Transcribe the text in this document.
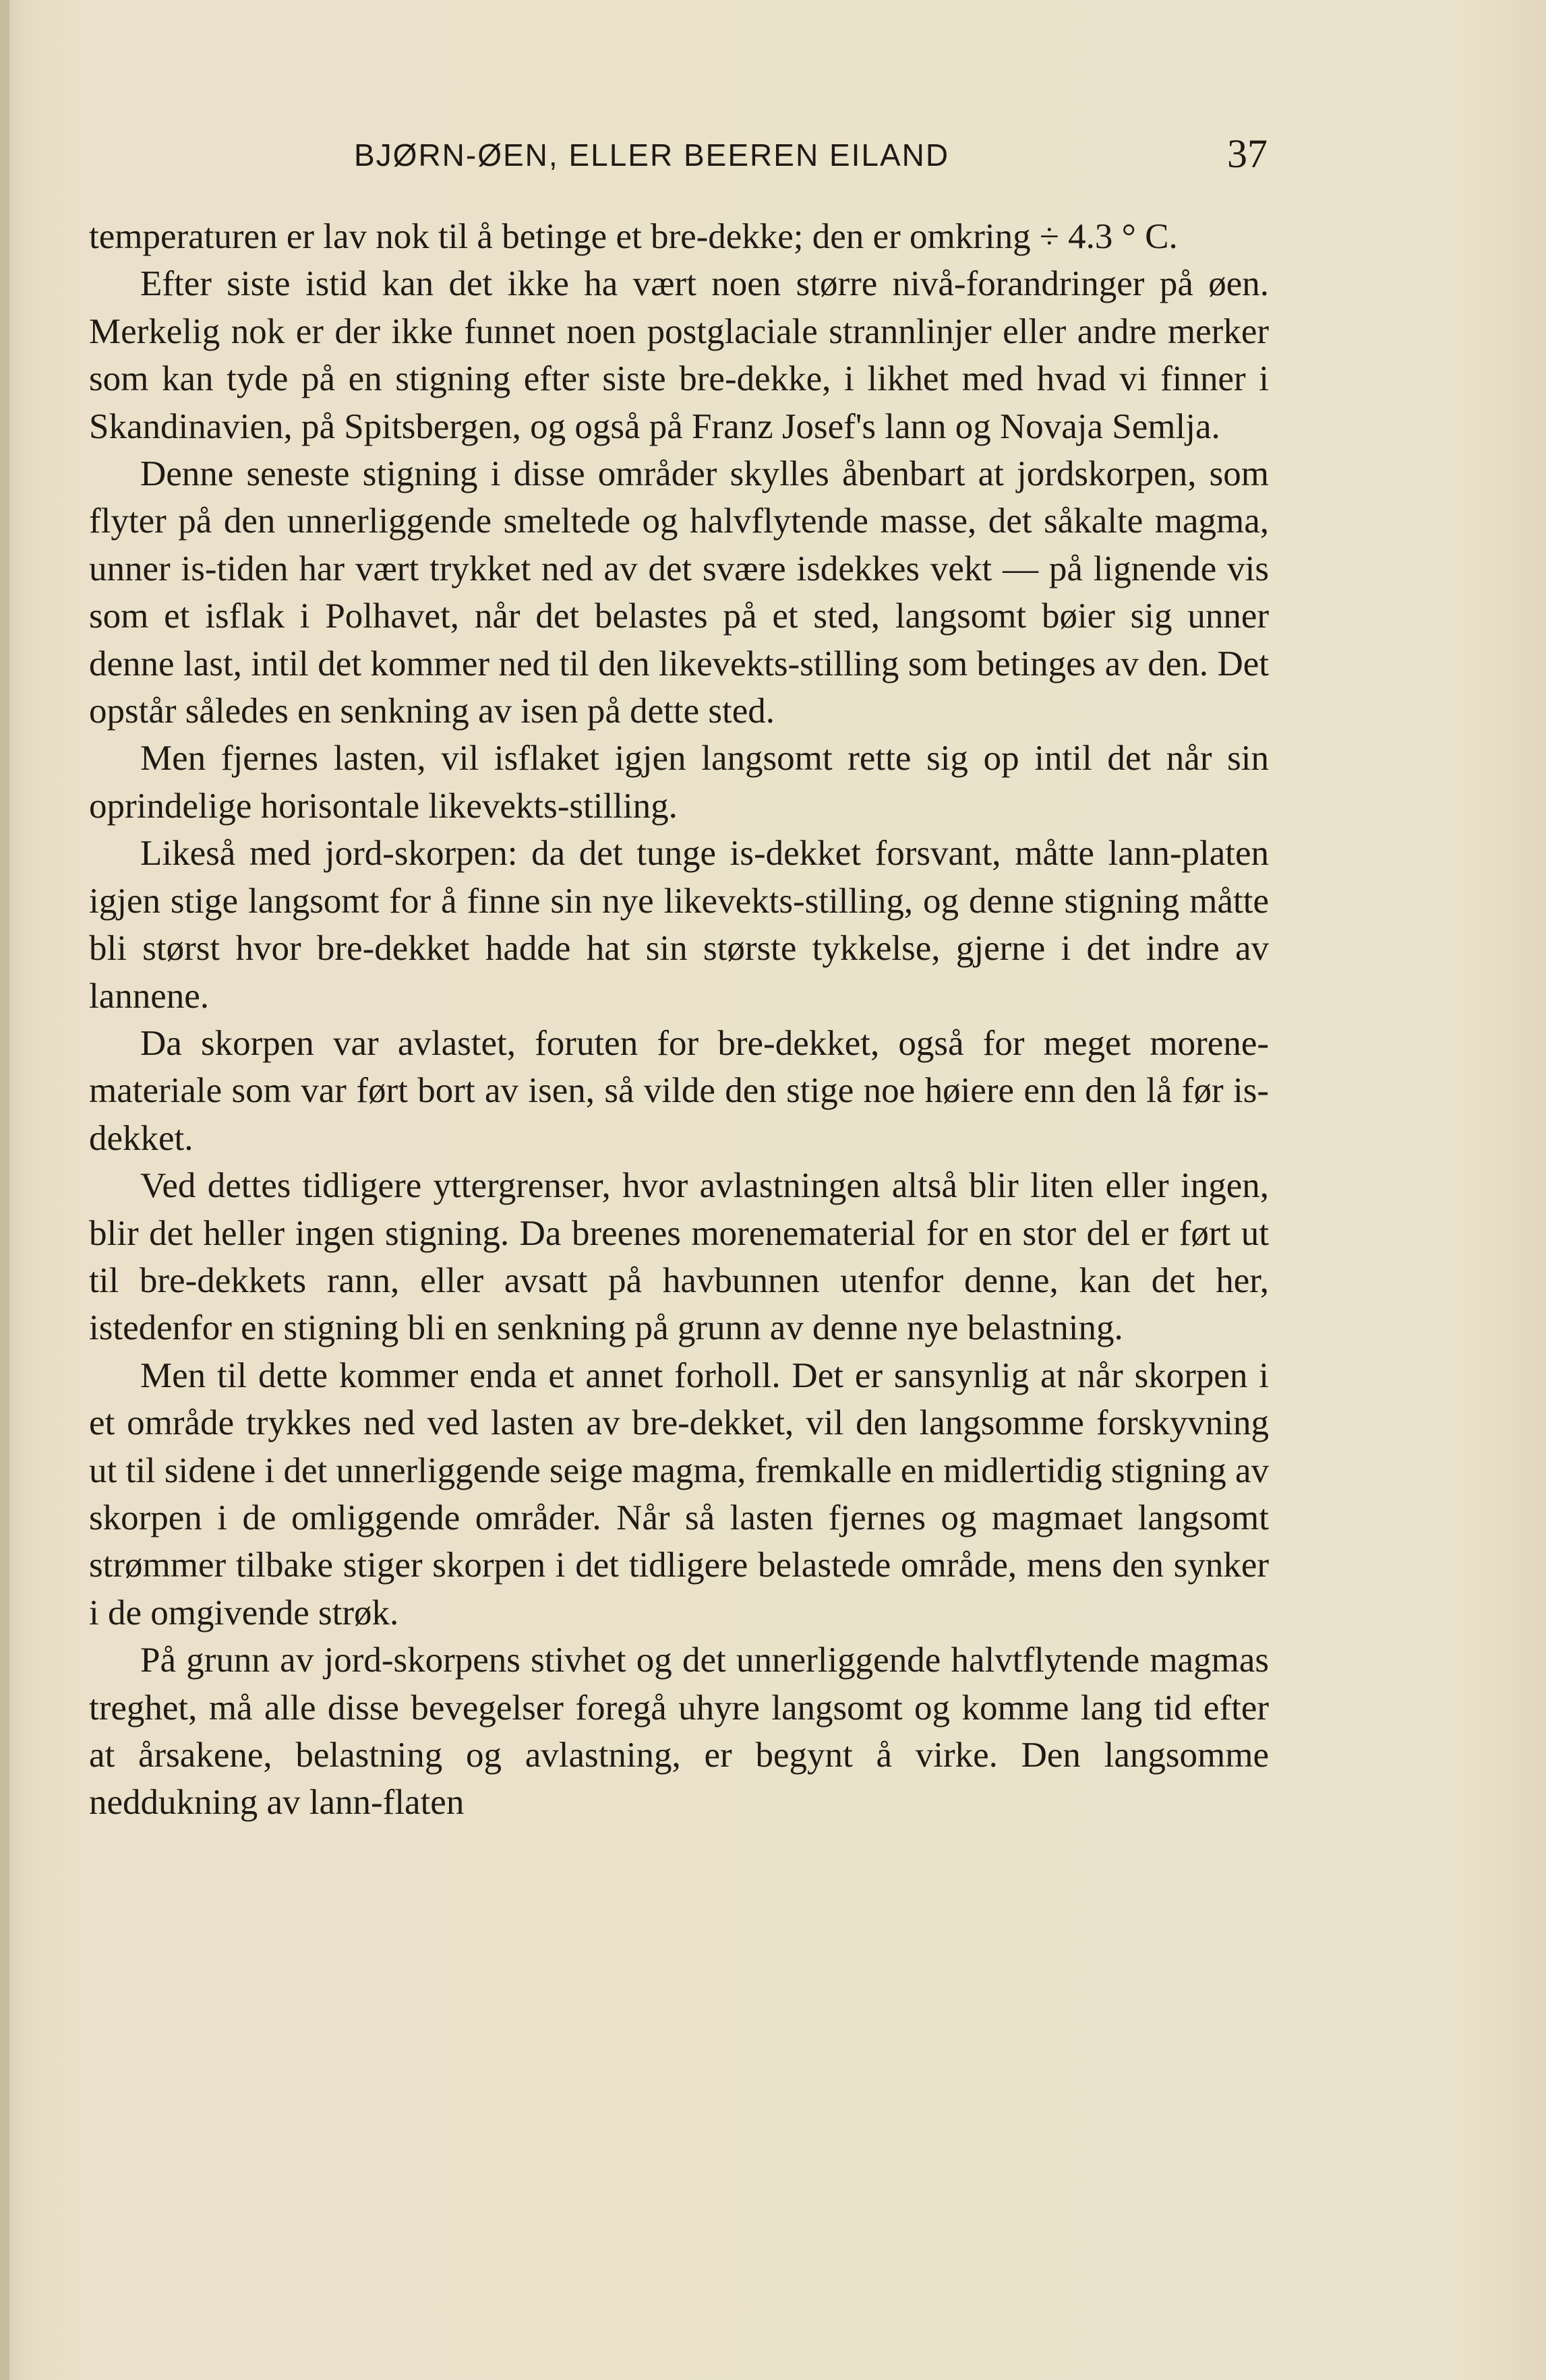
BJØRN-ØEN, ELLER BEEREN EILAND	37

temperaturen er lav nok til å betinge et bre-dekke; den er omkring ÷ 4.3 ° C.

Efter siste istid kan det ikke ha vært noen større nivå-forandringer på øen. Merkelig nok er der ikke funnet noen postglaciale strannlinjer eller andre merker som kan tyde på en stigning efter siste bre-dekke, i likhet med hvad vi finner i Skandinavien, på Spitsbergen, og også på Franz Josef's lann og Novaja Semlja.

Denne seneste stigning i disse områder skylles åbenbart at jordskorpen, som flyter på den unnerliggende smeltede og halvflytende masse, det såkalte magma, unner is-tiden har vært trykket ned av det svære isdekkes vekt — på lignende vis som et isflak i Polhavet, når det belastes på et sted, langsomt bøier sig unner denne last, intil det kommer ned til den likevekts-stilling som betinges av den. Det opstår således en senkning av isen på dette sted.

Men fjernes lasten, vil isflaket igjen langsomt rette sig op intil det når sin oprindelige horisontale likevekts-stilling.

Likeså med jord-skorpen: da det tunge is-dekket forsvant, måtte lann-platen igjen stige langsomt for å finne sin nye likevekts-stilling, og denne stigning måtte bli størst hvor bre-dekket hadde hat sin største tykkelse, gjerne i det indre av lannene.

Da skorpen var avlastet, foruten for bre-dekket, også for meget morene-materiale som var ført bort av isen, så vilde den stige noe høiere enn den lå før is-dekket.

Ved dettes tidligere yttergrenser, hvor avlastningen altså blir liten eller ingen, blir det heller ingen stigning. Da breenes morenematerial for en stor del er ført ut til bre-dekkets rann, eller avsatt på havbunnen utenfor denne, kan det her, istedenfor en stigning bli en senkning på grunn av denne nye belastning.

Men til dette kommer enda et annet forholl. Det er sansynlig at når skorpen i et område trykkes ned ved lasten av bre-dekket, vil den langsomme forskyvning ut til sidene i det unnerliggende seige magma, fremkalle en midlertidig stigning av skorpen i de omliggende områder. Når så lasten fjernes og magmaet langsomt strømmer tilbake stiger skorpen i det tidligere belastede område, mens den synker i de omgivende strøk.

På grunn av jord-skorpens stivhet og det unnerliggende halvtflytende magmas treghet, må alle disse bevegelser foregå uhyre langsomt og komme lang tid efter at årsakene, belastning og avlastning, er begynt å virke. Den langsomme neddukning av lann-flaten
